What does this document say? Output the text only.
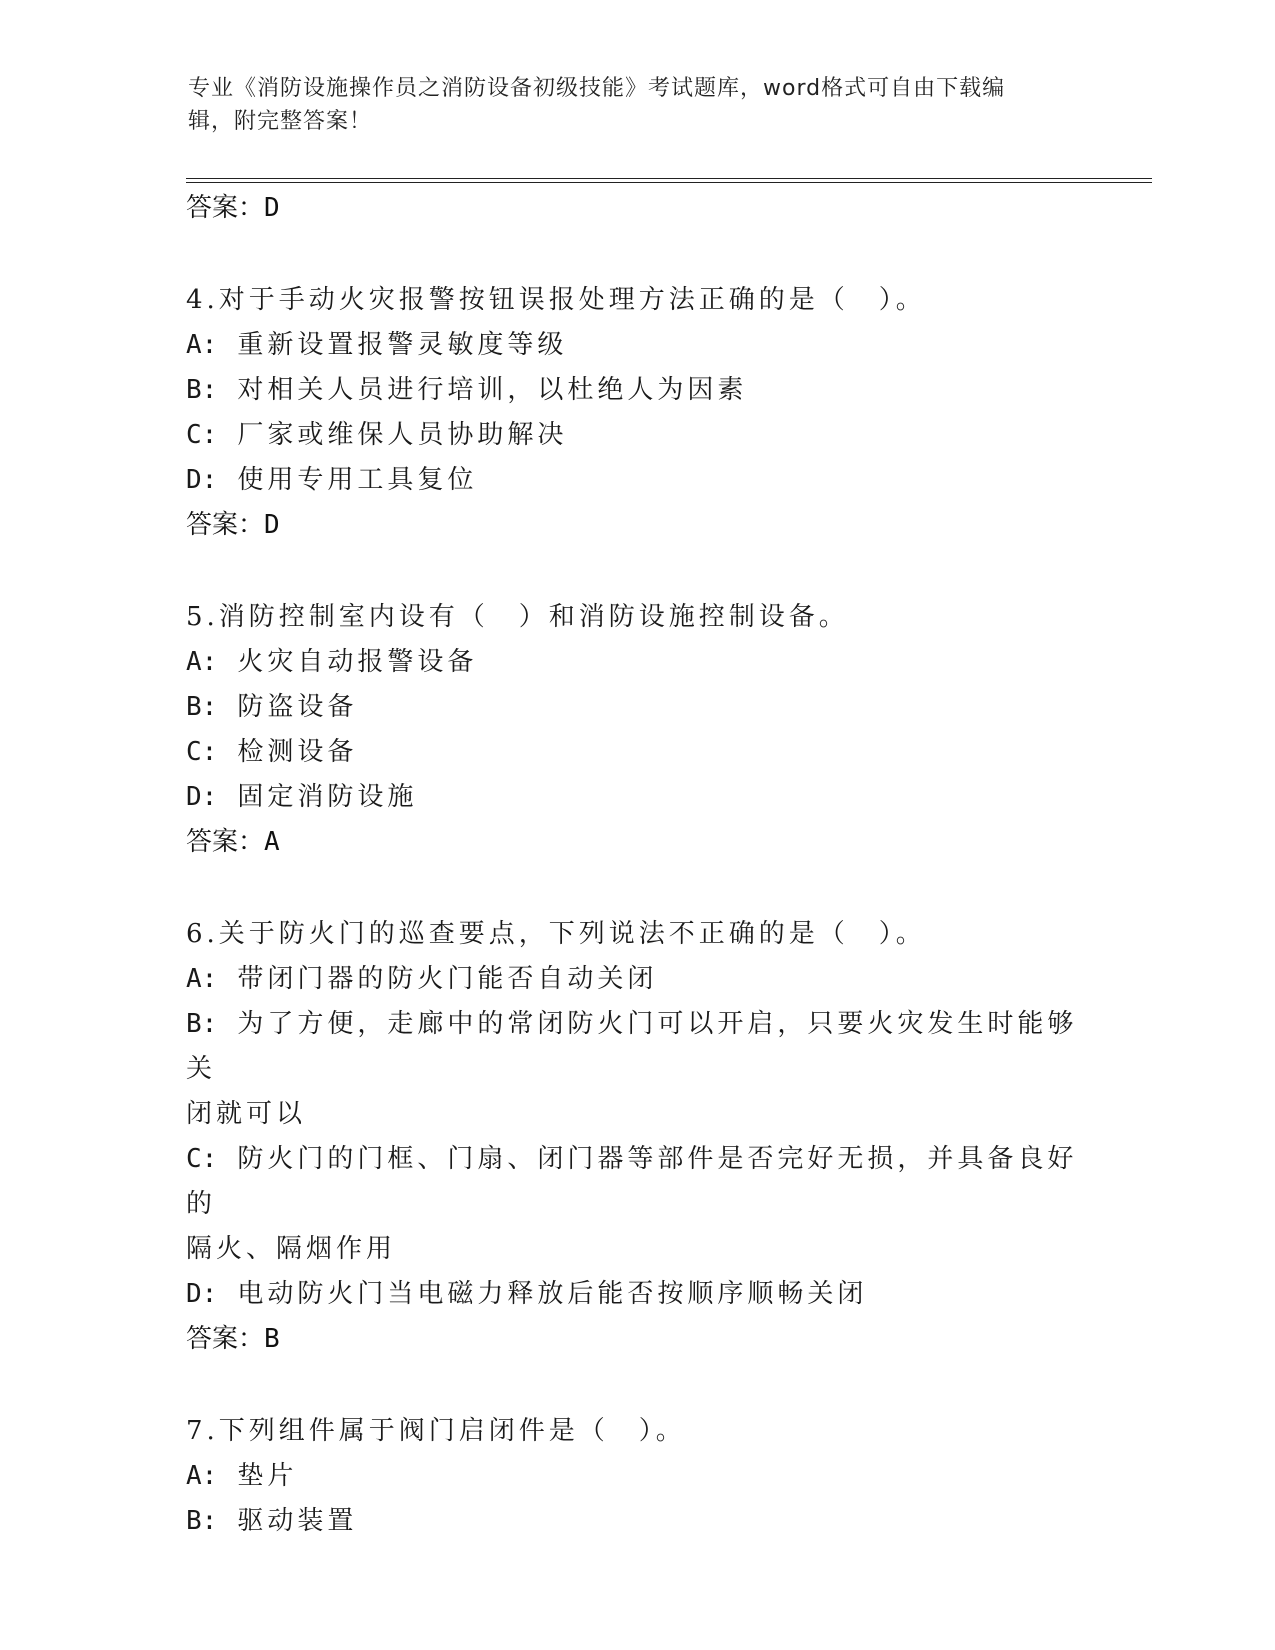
专业《消防设施操作员之消防设备初级技能》考试题库，word格式可自由下载编
辑，附完整答案！
答案：D
4.对于手动火灾报警按钮误报处理方法正确的是（　）。
A: 重新设置报警灵敏度等级
B: 对相关人员进行培训，以杜绝人为因素
C: 厂家或维保人员协助解决
D: 使用专用工具复位
答案：D
5.消防控制室内设有（　）和消防设施控制设备。
A: 火灾自动报警设备
B: 防盗设备
C: 检测设备
D: 固定消防设施
答案：A
6.关于防火门的巡查要点，下列说法不正确的是（　）。
A: 带闭门器的防火门能否自动关闭
B: 为了方便，走廊中的常闭防火门可以开启，只要火灾发生时能够关
闭就可以
C: 防火门的门框、门扇、闭门器等部件是否完好无损，并具备良好的
隔火、隔烟作用
D: 电动防火门当电磁力释放后能否按顺序顺畅关闭
答案：B
7.下列组件属于阀门启闭件是（　）。
A: 垫片
B: 驱动装置
